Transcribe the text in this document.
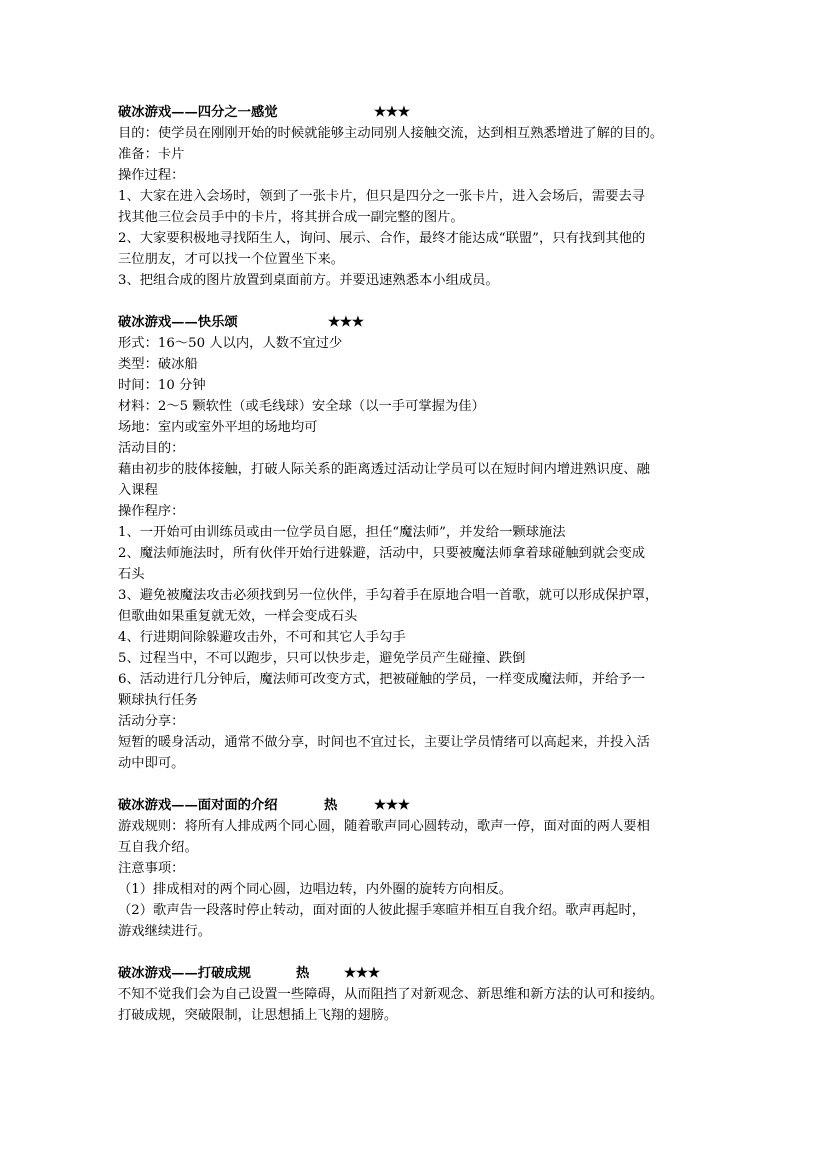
破冰游戏——四分之一感觉	★★★
目的：使学员在刚刚开始的时候就能够主动同别人接触交流，达到相互熟悉增进了解的目的。
准备：卡片
操作过程：
1、大家在进入会场时，领到了一张卡片，但只是四分之一张卡片，进入会场后，需要去寻
找其他三位会员手中的卡片，将其拼合成一副完整的图片。
2、大家要积极地寻找陌生人，询问、展示、合作，最终才能达成“联盟”，只有找到其他的
三位朋友，才可以找一个位置坐下来。
3、把组合成的图片放置到桌面前方。并要迅速熟悉本小组成员。
破冰游戏——快乐颂	★★★
形式：16～50 人以内，人数不宜过少
类型：破冰船
时间：10 分钟
材料：2～5 颗软性（或毛线球）安全球（以一手可掌握为佳）
场地：室内或室外平坦的场地均可
活动目的：
藉由初步的肢体接触，打破人际关系的距离透过活动让学员可以在短时间内增进熟识度、融
入课程
操作程序：
1、一开始可由训练员或由一位学员自愿，担任“魔法师”，并发给一颗球施法
2、魔法师施法时，所有伙伴开始行进躲避，活动中，只要被魔法师拿着球碰触到就会变成
石头
3、避免被魔法攻击必须找到另一位伙伴，手勾着手在原地合唱一首歌，就可以形成保护罩，
但歌曲如果重复就无效，一样会变成石头
4、行进期间除躲避攻击外，不可和其它人手勾手
5、过程当中，不可以跑步，只可以快步走，避免学员产生碰撞、跌倒
6、活动进行几分钟后，魔法师可改变方式，把被碰触的学员，一样变成魔法师，并给予一
颗球执行任务
活动分享：
短暂的暖身活动，通常不做分享，时间也不宜过长，主要让学员情绪可以高起来，并投入活
动中即可。
破冰游戏——面对面的介绍	热	★★★
游戏规则：将所有人排成两个同心圆，随着歌声同心圆转动，歌声一停，面对面的两人要相
互自我介绍。
注意事项：
（1）排成相对的两个同心圆，边唱边转，内外圈的旋转方向相反。
（2）歌声告一段落时停止转动，面对面的人彼此握手寒暄并相互自我介绍。歌声再起时，
游戏继续进行。
破冰游戏——打破成规	热	★★★
不知不觉我们会为自己设置一些障碍，从而阻挡了对新观念、新思维和新方法的认可和接纳。
打破成规，突破限制，让思想插上飞翔的翅膀。
